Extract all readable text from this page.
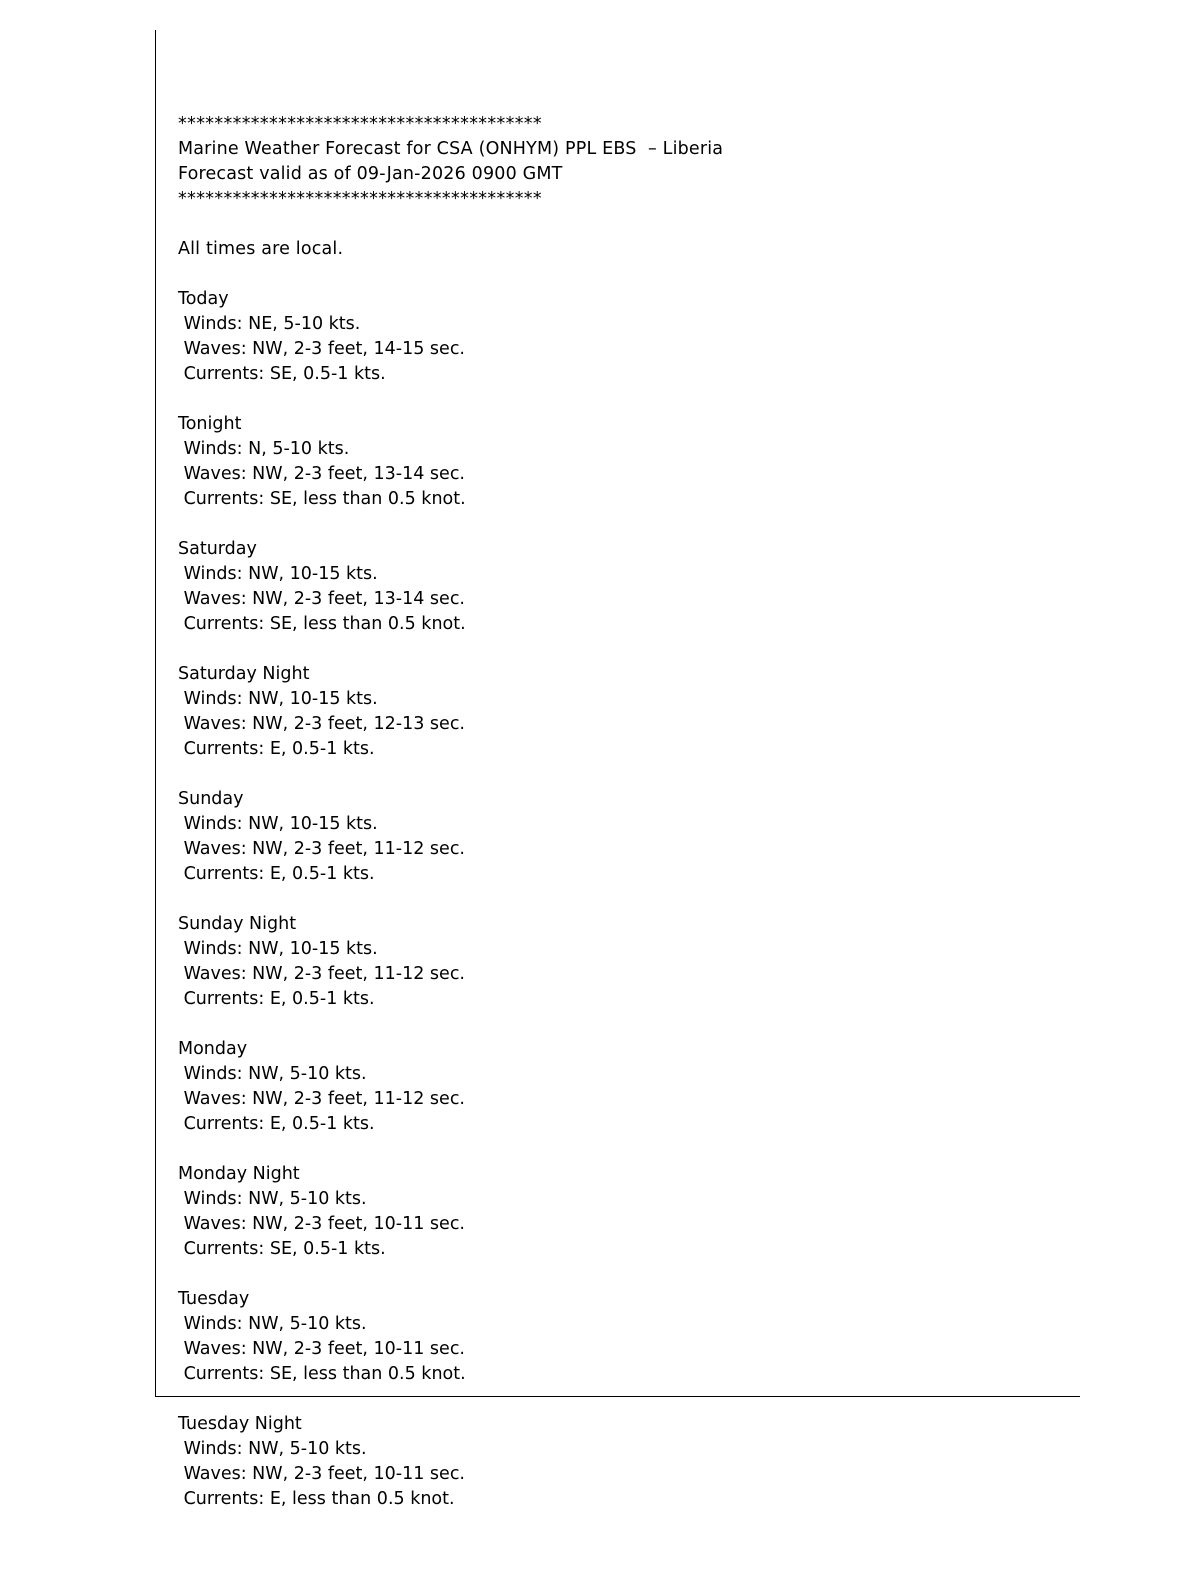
****************************************
Marine Weather Forecast for CSA (ONHYM) PPL EBS  – Liberia
Forecast valid as of 09-Jan-2026 0900 GMT
****************************************
All times are local.
Today
Winds: NE, 5-10 kts.
Waves: NW, 2-3 feet, 14-15 sec.
Currents: SE, 0.5-1 kts.
Tonight
Winds: N, 5-10 kts.
Waves: NW, 2-3 feet, 13-14 sec.
Currents: SE, less than 0.5 knot.
Saturday
Winds: NW, 10-15 kts.
Waves: NW, 2-3 feet, 13-14 sec.
Currents: SE, less than 0.5 knot.
Saturday Night
Winds: NW, 10-15 kts.
Waves: NW, 2-3 feet, 12-13 sec.
Currents: E, 0.5-1 kts.
Sunday
Winds: NW, 10-15 kts.
Waves: NW, 2-3 feet, 11-12 sec.
Currents: E, 0.5-1 kts.
Sunday Night
Winds: NW, 10-15 kts.
Waves: NW, 2-3 feet, 11-12 sec.
Currents: E, 0.5-1 kts.
Monday
Winds: NW, 5-10 kts.
Waves: NW, 2-3 feet, 11-12 sec.
Currents: E, 0.5-1 kts.
Monday Night
Winds: NW, 5-10 kts.
Waves: NW, 2-3 feet, 10-11 sec.
Currents: SE, 0.5-1 kts.
Tuesday
Winds: NW, 5-10 kts.
Waves: NW, 2-3 feet, 10-11 sec.
Currents: SE, less than 0.5 knot.
Tuesday Night
Winds: NW, 5-10 kts.
Waves: NW, 2-3 feet, 10-11 sec.
Currents: E, less than 0.5 knot.
